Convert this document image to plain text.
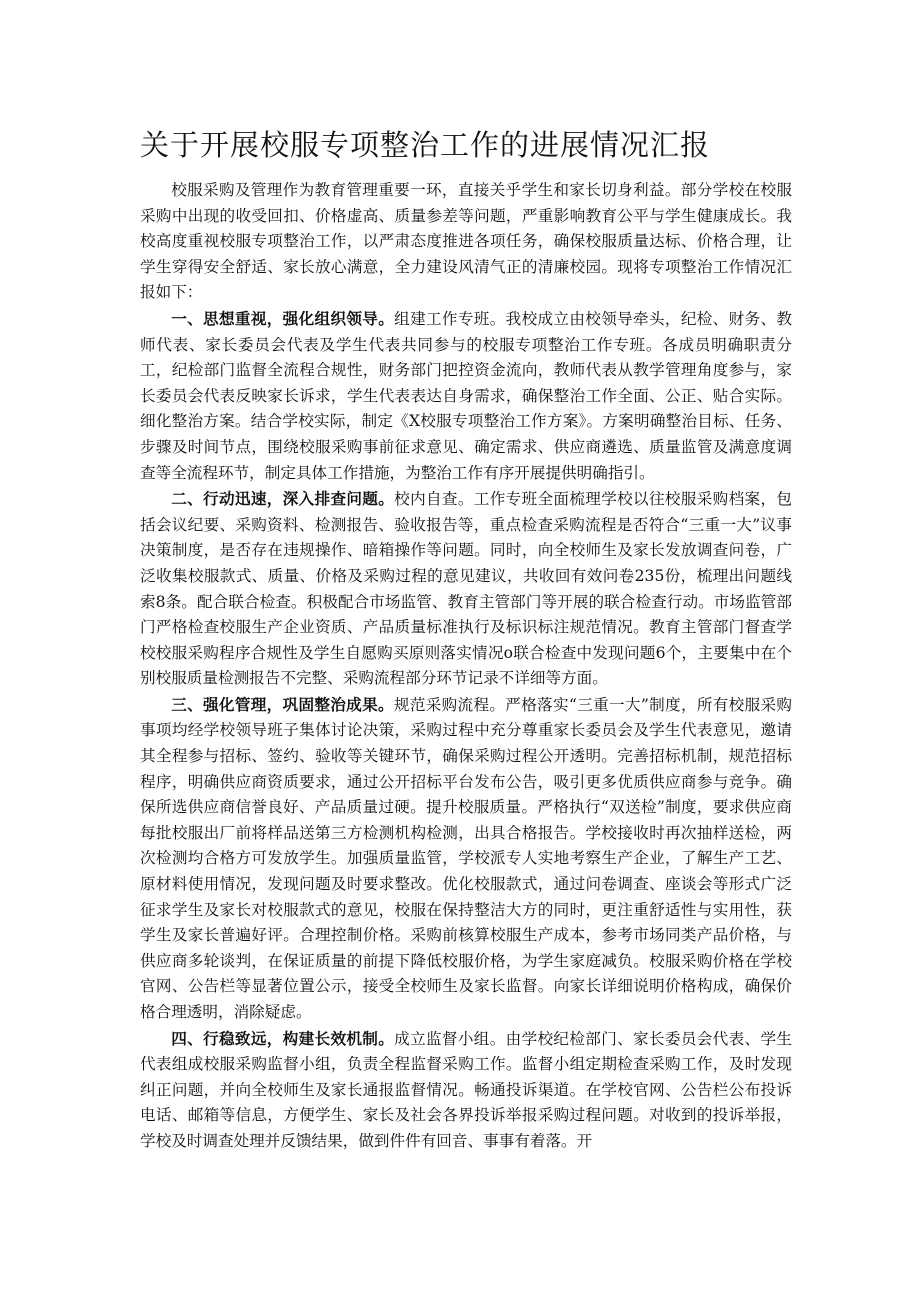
关于开展校服专项整治工作的进展情况汇报

校服采购及管理作为教育管理重要一环，直接关乎学生和家长切身利益。部分学校在校服采购中出现的收受回扣、价格虚高、质量参差等问题，严重影响教育公平与学生健康成长。我校高度重视校服专项整治工作，以严肃态度推进各项任务，确保校服质量达标、价格合理，让学生穿得安全舒适、家长放心满意，全力建设风清气正的清廉校园。现将专项整治工作情况汇报如下：

一、思想重视，强化组织领导。组建工作专班。我校成立由校领导牵头，纪检、财务、教师代表、家长委员会代表及学生代表共同参与的校服专项整治工作专班。各成员明确职责分工，纪检部门监督全流程合规性，财务部门把控资金流向，教师代表从教学管理角度参与，家长委员会代表反映家长诉求，学生代表表达自身需求，确保整治工作全面、公正、贴合实际。细化整治方案。结合学校实际，制定《X校服专项整治工作方案》。方案明确整治目标、任务、步骤及时间节点，围绕校服采购事前征求意见、确定需求、供应商遴选、质量监管及满意度调查等全流程环节，制定具体工作措施，为整治工作有序开展提供明确指引。

二、行动迅速，深入排查问题。校内自查。工作专班全面梳理学校以往校服采购档案，包括会议纪要、采购资料、检测报告、验收报告等，重点检查采购流程是否符合“三重一大”议事决策制度，是否存在违规操作、暗箱操作等问题。同时，向全校师生及家长发放调查问卷，广泛收集校服款式、质量、价格及采购过程的意见建议，共收回有效问卷235份，梳理出问题线索8条。配合联合检查。积极配合市场监管、教育主管部门等开展的联合检查行动。市场监管部门严格检查校服生产企业资质、产品质量标准执行及标识标注规范情况。教育主管部门督查学校校服采购程序合规性及学生自愿购买原则落实情况o联合检查中发现问题6个，主要集中在个别校服质量检测报告不完整、采购流程部分环节记录不详细等方面。

三、强化管理，巩固整治成果。规范采购流程。严格落实“三重一大”制度，所有校服采购事项均经学校领导班子集体讨论决策，采购过程中充分尊重家长委员会及学生代表意见，邀请其全程参与招标、签约、验收等关键环节，确保采购过程公开透明。完善招标机制，规范招标程序，明确供应商资质要求，通过公开招标平台发布公告，吸引更多优质供应商参与竞争。确保所选供应商信誉良好、产品质量过硬。提升校服质量。严格执行“双送检”制度，要求供应商每批校服出厂前将样品送第三方检测机构检测，出具合格报告。学校接收时再次抽样送检，两次检测均合格方可发放学生。加强质量监管，学校派专人实地考察生产企业，了解生产工艺、原材料使用情况，发现问题及时要求整改。优化校服款式，通过问卷调查、座谈会等形式广泛征求学生及家长对校服款式的意见，校服在保持整洁大方的同时，更注重舒适性与实用性，获学生及家长普遍好评。合理控制价格。采购前核算校服生产成本，参考市场同类产品价格，与供应商多轮谈判，在保证质量的前提下降低校服价格，为学生家庭减负。校服采购价格在学校官网、公告栏等显著位置公示，接受全校师生及家长监督。向家长详细说明价格构成，确保价格合理透明，消除疑虑。

四、行稳致远，构建长效机制。成立监督小组。由学校纪检部门、家长委员会代表、学生代表组成校服采购监督小组，负责全程监督采购工作。监督小组定期检查采购工作，及时发现纠正问题，并向全校师生及家长通报监督情况。畅通投诉渠道。在学校官网、公告栏公布投诉电话、邮箱等信息，方便学生、家长及社会各界投诉举报采购过程问题。对收到的投诉举报，学校及时调查处理并反馈结果，做到件件有回音、事事有着落。开
